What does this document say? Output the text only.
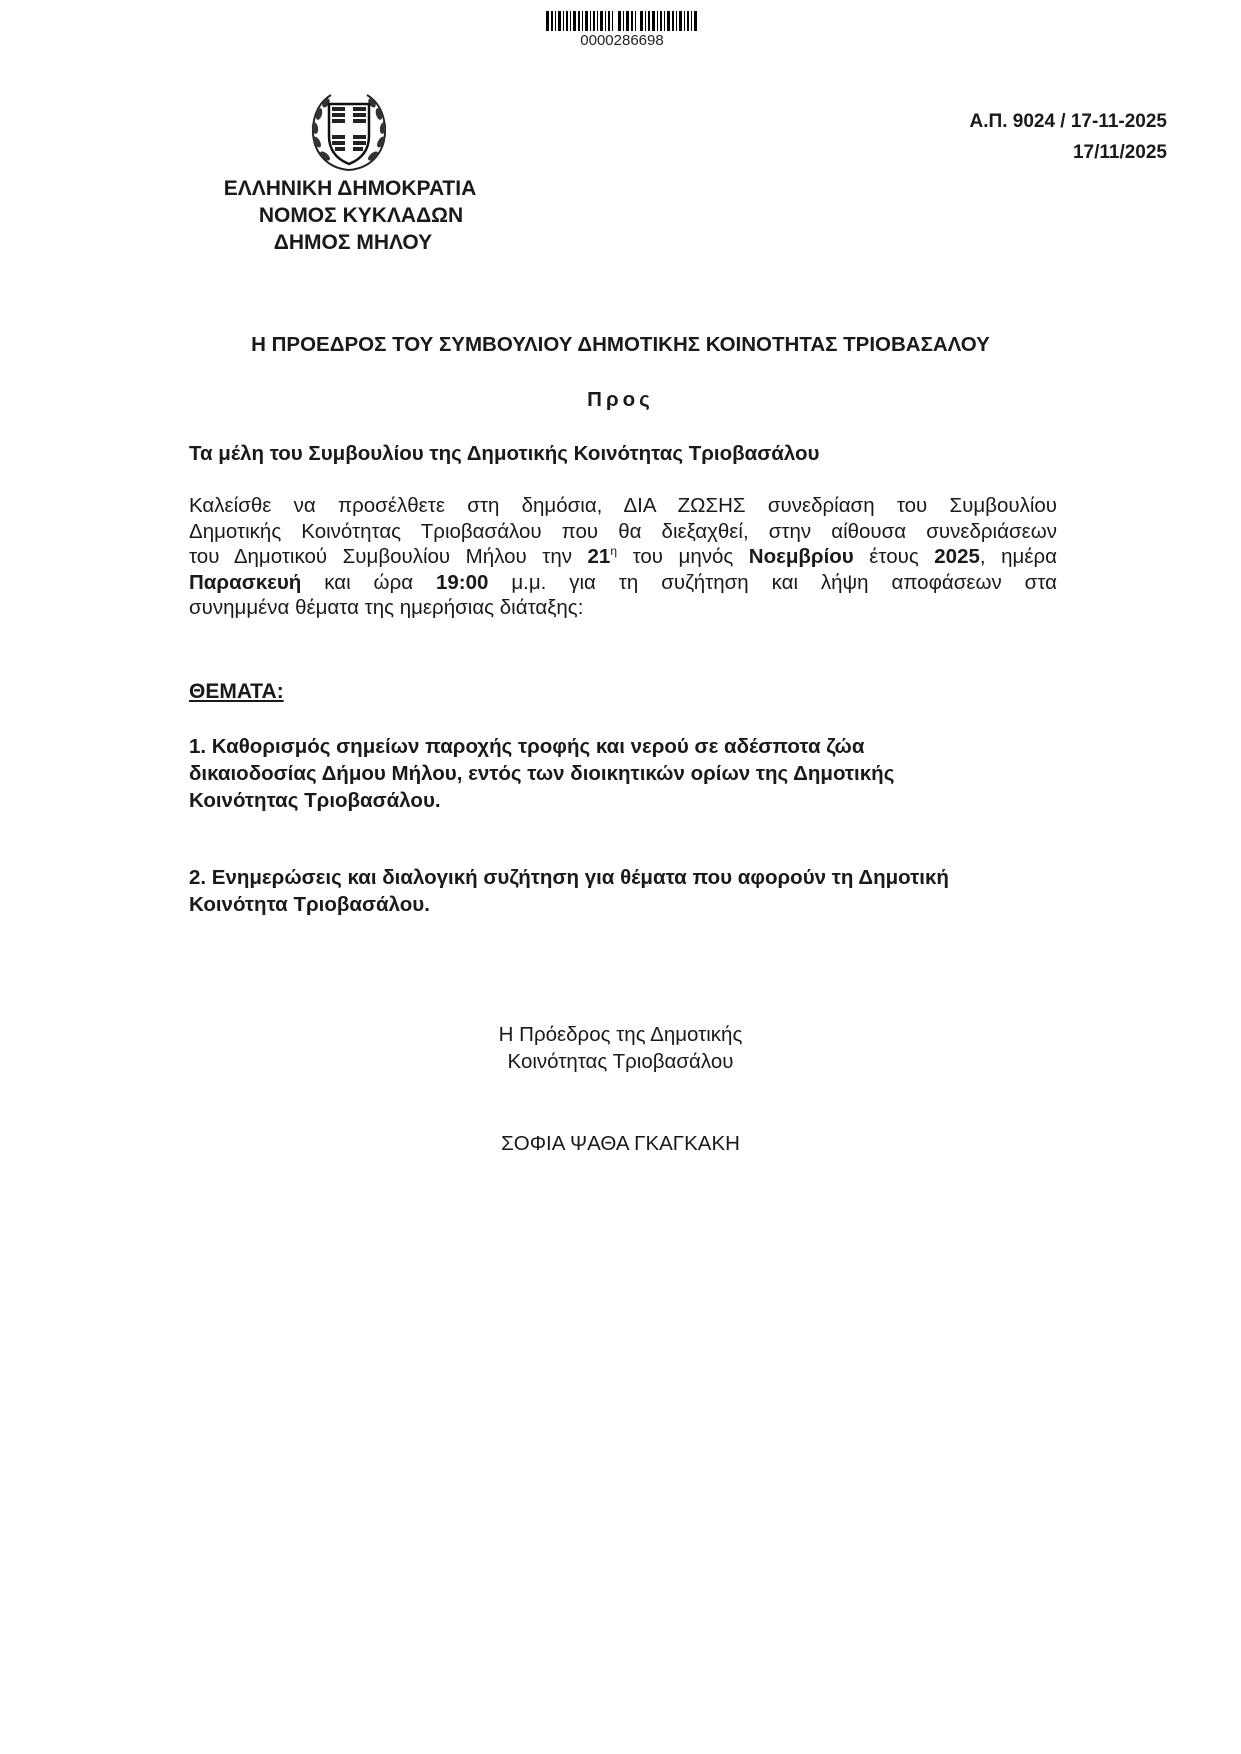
0000286698
ΕΛΛΗΝΙΚΗ ΔΗΜΟΚΡΑΤΙΑ
ΝΟΜΟΣ ΚΥΚΛΑΔΩΝ
ΔΗΜΟΣ ΜΗΛΟΥ
Α.Π. 9024 / 17-11-2025
17/11/2025
Η ΠΡΟΕΔΡΟΣ ΤΟΥ ΣΥΜΒΟΥΛΙΟΥ ΔΗΜΟΤΙΚΗΣ ΚΟΙΝΟΤΗΤΑΣ ΤΡΙΟΒΑΣΑΛΟΥ
Προς
Τα μέλη του Συμβουλίου της Δημοτικής Κοινότητας Τριοβασάλου

Καλείσθε να προσέλθετε στη δημόσια, ΔΙΑ ΖΩΣΗΣ συνεδρίαση του Συμβουλίου
Δημοτικής Κοινότητας Τριοβασάλου που θα διεξαχθεί, στην αίθουσα συνεδριάσεων
του Δημοτικού Συμβουλίου Μήλου την $21^\eta$ του μηνός Νοεμβρίου έτους 2025, ημέρα
Παρασκευή και ώρα 19:00 μ.μ. για τη συζήτηση και λήψη αποφάσεων στα
συνημμένα θέματα της ημερήσιας διάταξης:

ΘΕΜΑΤΑ:
1. Καθορισμός σημείων παροχής τροφής και νερού σε αδέσποτα ζώα
δικαιοδοσίας Δήμου Μήλου, εντός των διοικητικών ορίων της Δημοτικής
Κοινότητας Τριοβασάλου.
2. Ενημερώσεις και διαλογική συζήτηση για θέματα που αφορούν τη Δημοτική
Κοινότητα Τριοβασάλου.
Η Πρόεδρος της Δημοτικής
Κοινότητας Τριοβασάλου
ΣΟΦΙΑ ΨΑΘΑ ΓΚΑΓΚΑΚΗ
